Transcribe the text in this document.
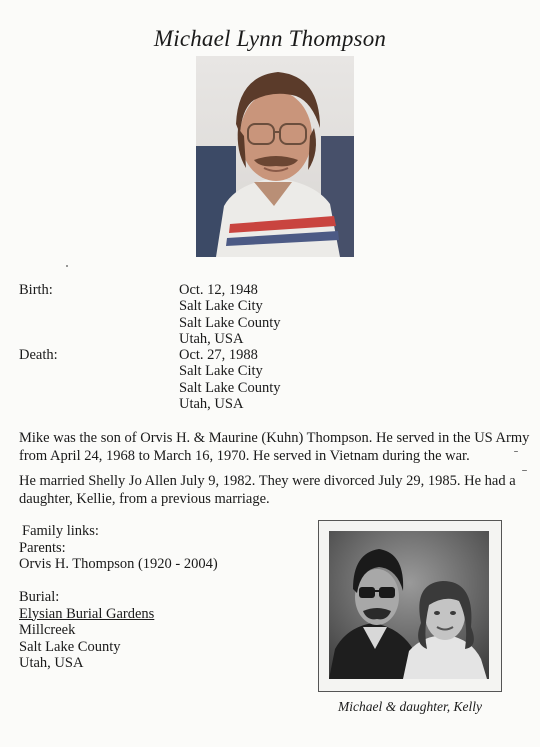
Michael Lynn Thompson
Birth:	Oct. 12, 1948
Salt Lake City
Salt Lake County
Utah, USA
Death:	Oct. 27, 1988
Salt Lake City
Salt Lake County
Utah, USA
Mike was the son of Orvis H. & Maurine (Kuhn) Thompson. He served in the US Army from April 24, 1968 to March 16, 1970. He served in Vietnam during the war.
He married Shelly Jo Allen July 9, 1982. They were divorced July 29, 1985. He had a daughter, Kellie, from a previous marriage.
Family links:
Parents:
Orvis H. Thompson (1920 - 2004)
Burial:
Elysian Burial Gardens
Millcreek
Salt Lake County
Utah, USA
Michael & daughter, Kelly
